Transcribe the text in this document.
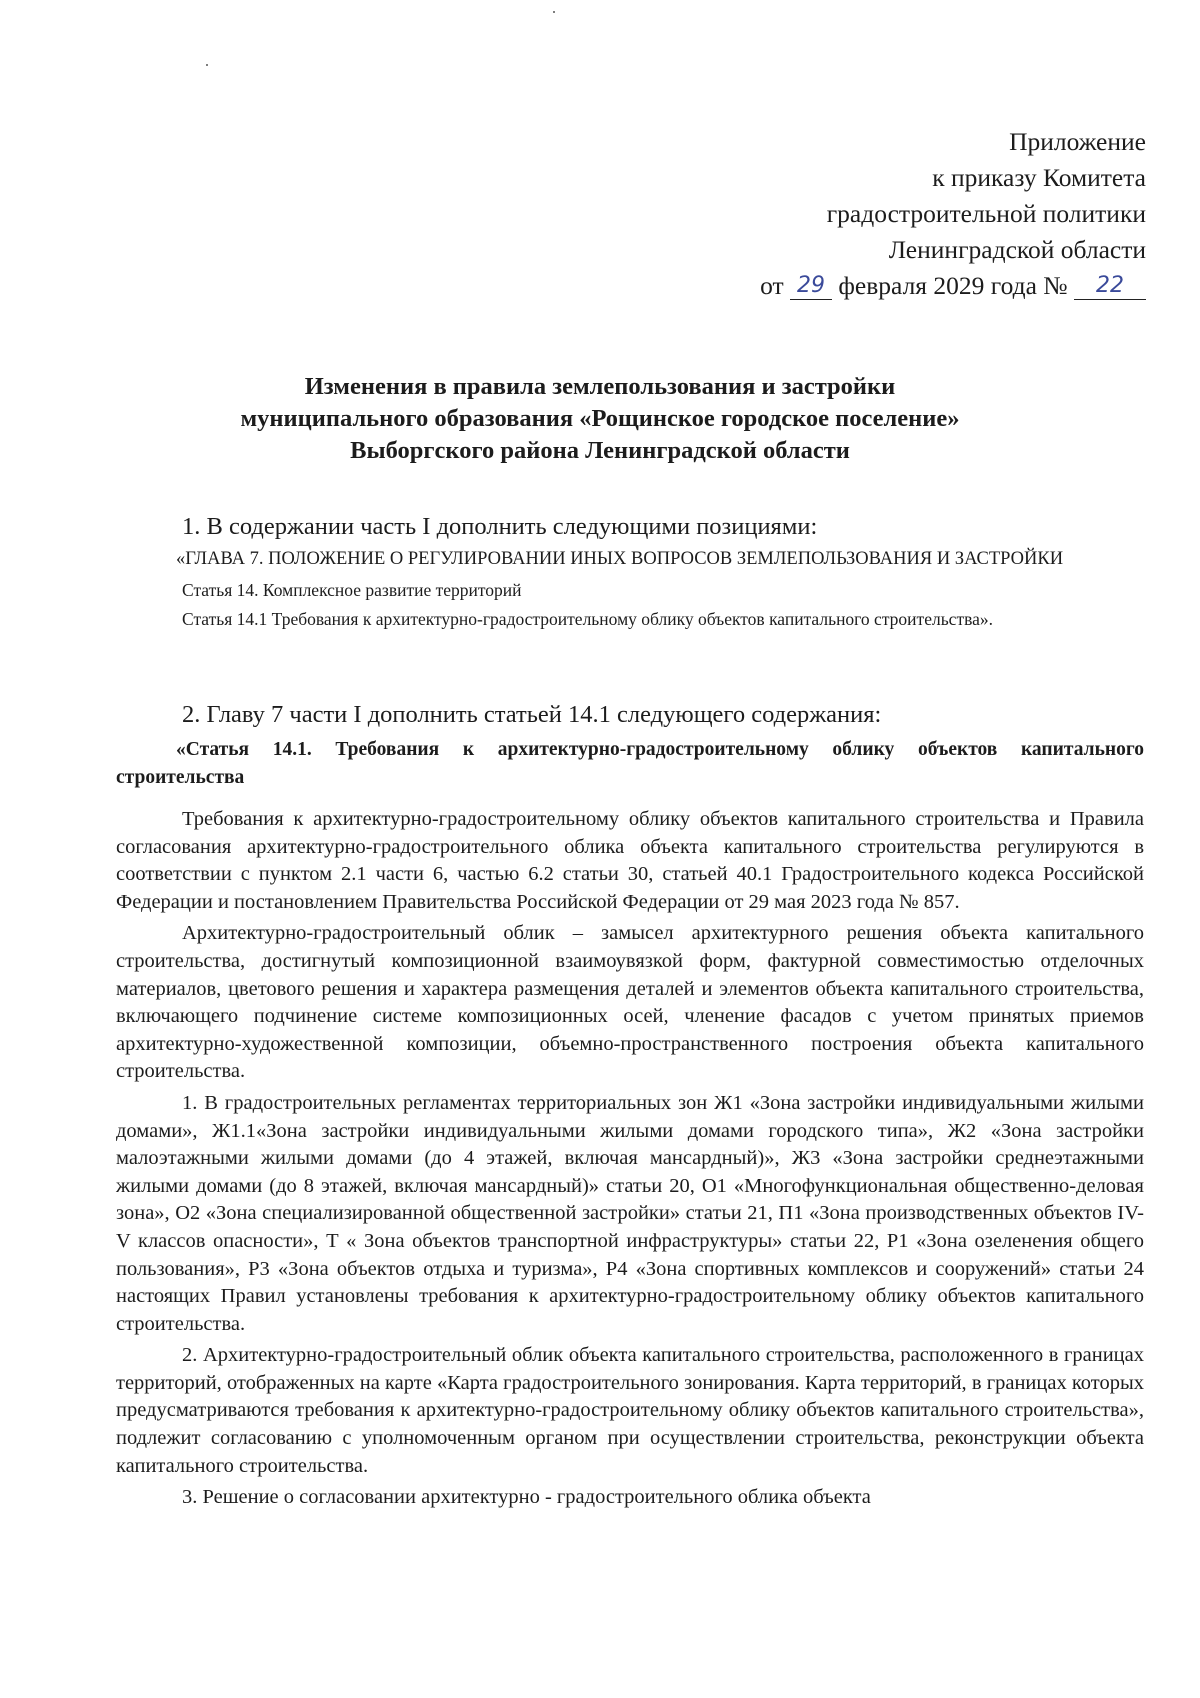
Приложение
к приказу Комитета
градостроительной политики
Ленинградской области
от 29 февраля 2029 года № 22
Изменения в правила землепользования и застройки
муниципального образования «Рощинское городское поселение»
Выборгского района Ленинградской области

1. В содержании часть I дополнить следующими позициями:

«ГЛАВА 7. ПОЛОЖЕНИЕ О РЕГУЛИРОВАНИИ ИНЫХ ВОПРОСОВ ЗЕМЛЕПОЛЬЗОВАНИЯ И ЗАСТРОЙКИ

Статья 14. Комплексное развитие территорий

Статья 14.1 Требования к архитектурно-градостроительному облику объектов капитального строительства».

2. Главу 7 части I дополнить статьей 14.1 следующего содержания:

«Статья 14.1. Требования к архитектурно-градостроительному облику объектов капитального строительства

Требования к архитектурно-градостроительному облику объектов капитального строительства и Правила согласования архитектурно-градостроительного облика объекта капитального строительства регулируются в соответствии с пунктом 2.1 части 6, частью 6.2 статьи 30, статьей 40.1 Градостроительного кодекса Российской Федерации и постановлением Правительства Российской Федерации от 29 мая 2023 года № 857.

Архитектурно-градостроительный облик – замысел архитектурного решения объекта капитального строительства, достигнутый композиционной взаимоувязкой форм, фактурной совместимостью отделочных материалов, цветового решения и характера размещения деталей и элементов объекта капитального строительства, включающего подчинение системе композиционных осей, членение фасадов с учетом принятых приемов архитектурно-художественной композиции, объемно-пространственного построения объекта капитального строительства.

1. В градостроительных регламентах территориальных зон Ж1 «Зона застройки индивидуальными жилыми домами», Ж1.1«Зона застройки индивидуальными жилыми домами городского типа», Ж2 «Зона застройки малоэтажными жилыми домами (до 4 этажей, включая мансардный)», Ж3 «Зона застройки среднеэтажными жилыми домами (до 8 этажей, включая мансардный)» статьи 20, О1 «Многофункциональная общественно-деловая зона», О2 «Зона специализированной общественной застройки» статьи 21, П1 «Зона производственных объектов IV-V классов опасности», Т « Зона объектов транспортной инфраструктуры» статьи 22, Р1 «Зона озеленения общего пользования», Р3 «Зона объектов отдыха и туризма», Р4 «Зона спортивных комплексов и сооружений» статьи 24 настоящих Правил установлены требования к архитектурно-градостроительному облику объектов капитального строительства.

2. Архитектурно-градостроительный облик объекта капитального строительства, расположенного в границах территорий, отображенных на карте «Карта градостроительного зонирования. Карта территорий, в границах которых предусматриваются требования к архитектурно-градостроительному облику объектов капитального строительства», подлежит согласованию с уполномоченным органом при осуществлении строительства, реконструкции объекта капитального строительства.

3. Решение о согласовании архитектурно - градостроительного облика объекта
